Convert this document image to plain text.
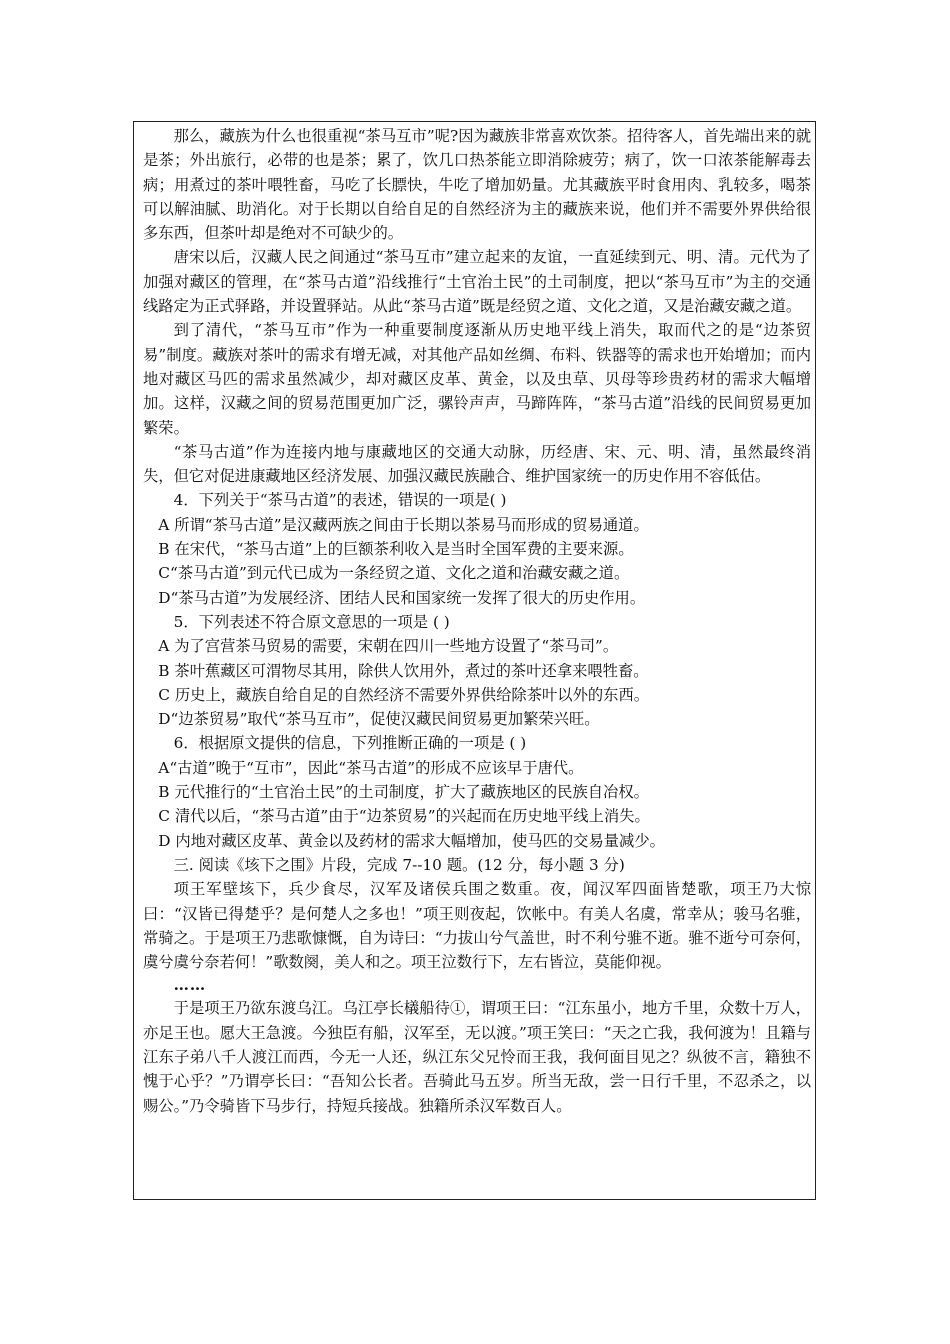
那么，藏族为什么也很重视“茶马互市”呢?因为藏族非常喜欢饮茶。招待客人，首先端出来的就是茶；外出旅行，必带的也是茶；累了，饮几口热茶能立即消除疲劳；病了，饮一口浓茶能解毒去病；用煮过的茶叶喂牲畜，马吃了长膘快，牛吃了增加奶量。尤其藏族平时食用肉、乳较多，喝茶可以解油腻、助消化。对于长期以自给自足的自然经济为主的藏族来说，他们并不需要外界供给很多东西，但茶叶却是绝对不可缺少的。

唐宋以后，汉藏人民之间通过“茶马互市”建立起来的友谊，一直延续到元、明、清。元代为了加强对藏区的管理，在“茶马古道”沿线推行“土官治土民”的土司制度，把以“茶马互市”为主的交通线路定为正式驿路，并设置驿站。从此“茶马古道”既是经贸之道、文化之道，又是治藏安藏之道。

到了清代，“茶马互市”作为一种重要制度逐渐从历史地平线上消失，取而代之的是“边茶贸易”制度。藏族对茶叶的需求有增无减，对其他产品如丝绸、布料、铁器等的需求也开始增加；而内地对藏区马匹的需求虽然减少，却对藏区皮革、黄金，以及虫草、贝母等珍贵药材的需求大幅增加。这样，汉藏之间的贸易范围更加广泛，骡铃声声，马蹄阵阵，“茶马古道”沿线的民间贸易更加繁荣。

“茶马古道”作为连接内地与康藏地区的交通大动脉，历经唐、宋、元、明、清，虽然最终消失，但它对促进康藏地区经济发展、加强汉藏民族融合、维护国家统一的历史作用不容低估。

4．下列关于“茶马古道”的表述，错误的一项是( )

A 所谓“茶马古道”是汉藏两族之间由于长期以茶易马而形成的贸易通道。

B 在宋代，“茶马古道”上的巨额茶利收入是当时全国军费的主要来源。

C“茶马古道”到元代已成为一条经贸之道、文化之道和治藏安藏之道。

D“茶马古道”为发展经济、团结人民和国家统一发挥了很大的历史作用。

5．下列表述不符合原文意思的一项是 ( )

A 为了宫营茶马贸易的需要，宋朝在四川一些地方设置了“茶马司”。

B 茶叶蕉藏区可渭物尽其用，除供人饮用外，煮过的茶叶还拿来喂牲畜。

C 历史上，藏族自给自足的自然经济不需要外界供给除茶叶以外的东西。

D“边茶贸易”取代“茶马互市”，促使汉藏民间贸易更加繁荣兴旺。

6．根据原文提供的信息，下列推断正确的一项是 ( )

A“古道”晚于“互市”，因此“茶马古道”的形成不应该早于唐代。

B 元代推行的“土官治土民”的土司制度，扩大了藏族地区的民族自冶权。

C 清代以后，“茶马古道”由于“边茶贸易”的兴起而在历史地平线上消失。

D 内地对藏区皮革、黄金以及药材的需求大幅增加，使马匹的交易量减少。

三. 阅读《垓下之围》片段，完成 7--10 题。(12 分，每小题 3 分)

项王军壁垓下，兵少食尽，汉军及诸侯兵围之数重。夜，闻汉军四面皆楚歌，项王乃大惊曰：“汉皆已得楚乎？是何楚人之多也！”项王则夜起，饮帐中。有美人名虞，常幸从；骏马名骓，常骑之。于是项王乃悲歌慷慨，自为诗曰：“力拔山兮气盖世，时不利兮骓不逝。骓不逝兮可奈何，虞兮虞兮奈若何！”歌数阕，美人和之。项王泣数行下，左右皆泣，莫能仰视。

……

于是项王乃欲东渡乌江。乌江亭长檥船待①，谓项王曰：“江东虽小，地方千里，众数十万人，亦足王也。愿大王急渡。今独臣有船，汉军至，无以渡。”项王笑曰：“天之亡我，我何渡为！且籍与江东子弟八千人渡江而西，今无一人还，纵江东父兄怜而王我，我何面目见之？纵彼不言，籍独不愧于心乎？”乃谓亭长曰：“吾知公长者。吾骑此马五岁。所当无敌，尝一日行千里，不忍杀之，以赐公。”乃令骑皆下马步行，持短兵接战。独籍所杀汉军数百人。
